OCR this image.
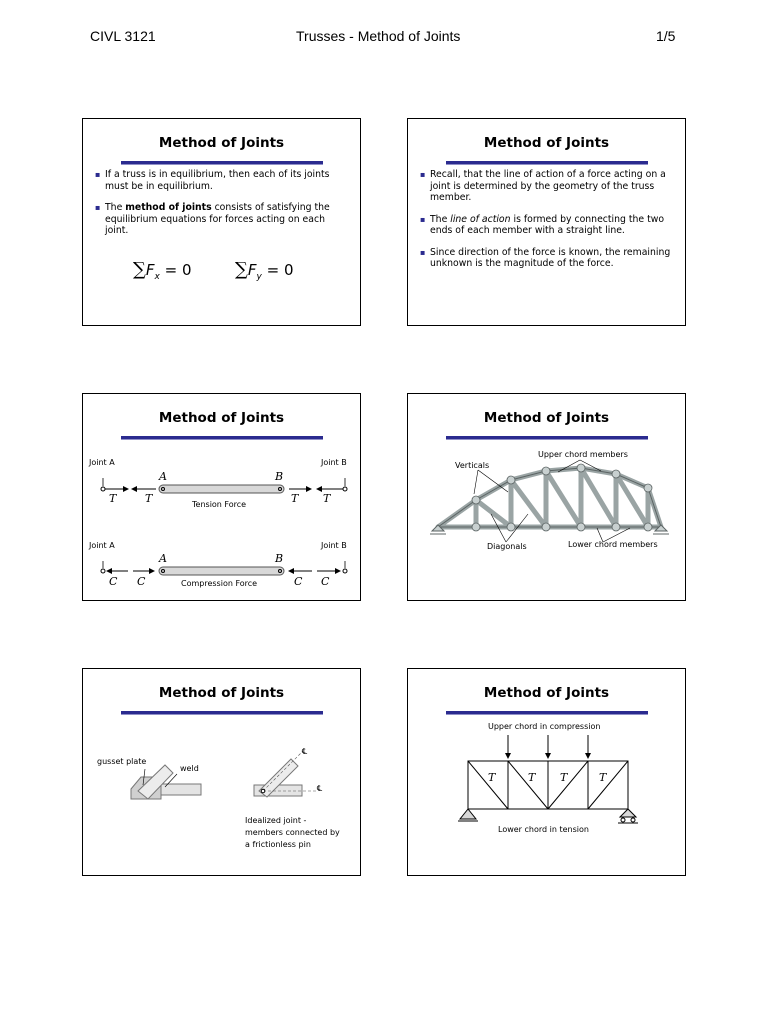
CIVL 3121	Trusses - Method of Joints	1/5
Method of Joints
▪ If a truss is in equilibrium, then each of its joints must be in equilibrium.
▪ The method of joints consists of satisfying the equilibrium equations for forces acting on each joint.
$\sum F_x = 0$ $\sum F_y = 0$
Method of Joints
▪ Recall, that the line of action of a force acting on a joint is determined by the geometry of the truss member.
▪ The line of action is formed by connecting the two ends of each member with a straight line.
▪ Since direction of the force is known, the remaining unknown is the magnitude of the force.
Method of Joints
Joint A	Joint B
A	B
T	T	T T
Tension Force
Joint A	Joint B
A	B
C C	C C
Compression Force
Method of Joints
Upper chord members
Verticals
Diagonals	Lower chord members
Method of Joints
gusset plate
weld
℄
℄
Idealized joint -
members connected by
a frictionless pin
Method of Joints
Upper chord in compression
T	T T	T
Lower chord in tension
